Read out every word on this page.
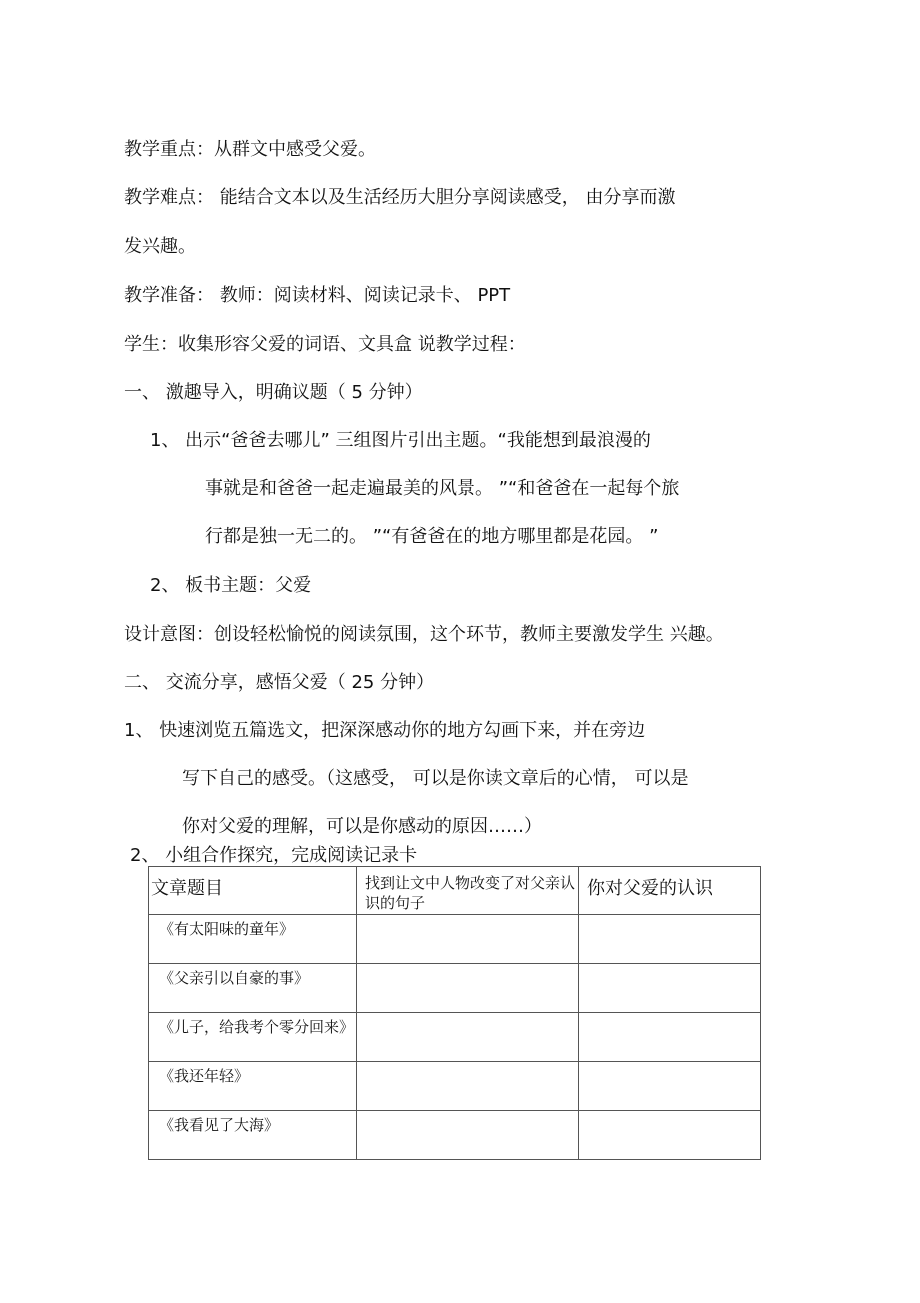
教学重点：从群文中感受父爱。

教学难点： 能结合文本以及生活经历大胆分享阅读感受， 由分享而激

发兴趣。

教学准备： 教师：阅读材料、阅读记录卡、 PPT

学生：收集形容父爱的词语、文具盒 说教学过程：

一、 激趣导入，明确议题（ 5 分钟）

1、 出示“爸爸去哪儿” 三组图片引出主题。“我能想到最浪漫的

事就是和爸爸一起走遍最美的风景。 ”“和爸爸在一起每个旅

行都是独一无二的。 ”“有爸爸在的地方哪里都是花园。 ”

2、 板书主题：父爱

设计意图：创设轻松愉悦的阅读氛围，这个环节，教师主要激发学生 兴趣。

二、 交流分享，感悟父爱（ 25 分钟）

1、 快速浏览五篇选文，把深深感动你的地方勾画下来，并在旁边

写下自己的感受。（这感受， 可以是你读文章后的心情， 可以是

你对父爱的理解，可以是你感动的原因……）

2、 小组合作探究，完成阅读记录卡

文章题目	找到让文中人物改变了对父亲认识的句子	你对父爱的认识
《有太阳味的童年》		
《父亲引以自豪的事》		
《儿子，给我考个零分回来》		
《我还年轻》		
《我看见了大海》		
